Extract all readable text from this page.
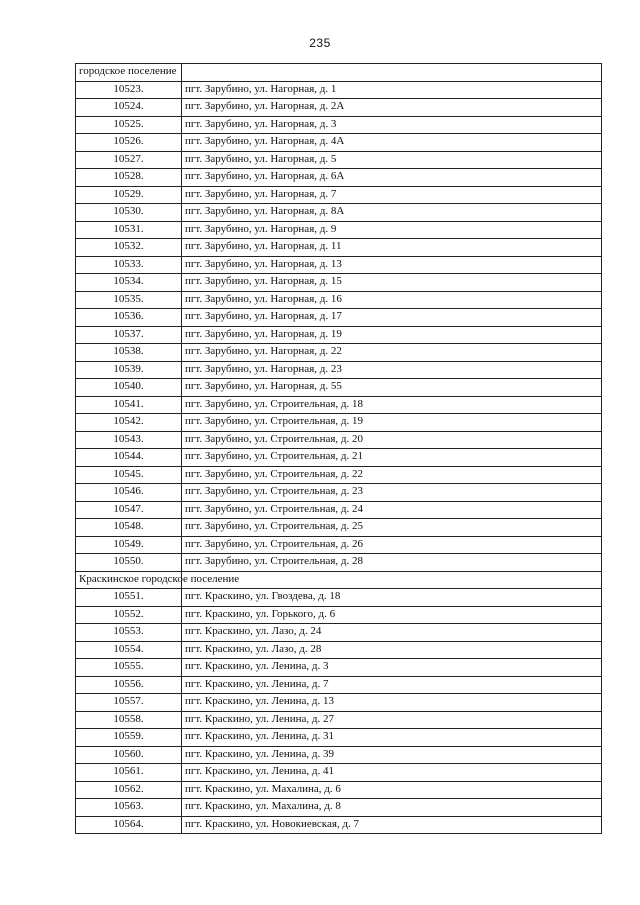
235
городское поселение	
10523.	пгт. Зарубино, ул. Нагорная, д. 1
10524.	пгт. Зарубино, ул. Нагорная, д. 2А
10525.	пгт. Зарубино, ул. Нагорная, д. 3
10526.	пгт. Зарубино, ул. Нагорная, д. 4А
10527.	пгт. Зарубино, ул. Нагорная, д. 5
10528.	пгт. Зарубино, ул. Нагорная, д. 6А
10529.	пгт. Зарубино, ул. Нагорная, д. 7
10530.	пгт. Зарубино, ул. Нагорная, д. 8А
10531.	пгт. Зарубино, ул. Нагорная, д. 9
10532.	пгт. Зарубино, ул. Нагорная, д. 11
10533.	пгт. Зарубино, ул. Нагорная, д. 13
10534.	пгт. Зарубино, ул. Нагорная, д. 15
10535.	пгт. Зарубино, ул. Нагорная, д. 16
10536.	пгт. Зарубино, ул. Нагорная, д. 17
10537.	пгт. Зарубино, ул. Нагорная, д. 19
10538.	пгт. Зарубино, ул. Нагорная, д. 22
10539.	пгт. Зарубино, ул. Нагорная, д. 23
10540.	пгт. Зарубино, ул. Нагорная, д. 55
10541.	пгт. Зарубино, ул. Строительная, д. 18
10542.	пгт. Зарубино, ул. Строительная, д. 19
10543.	пгт. Зарубино, ул. Строительная, д. 20
10544.	пгт. Зарубино, ул. Строительная, д. 21
10545.	пгт. Зарубино, ул. Строительная, д. 22
10546.	пгт. Зарубино, ул. Строительная, д. 23
10547.	пгт. Зарубино, ул. Строительная, д. 24
10548.	пгт. Зарубино, ул. Строительная, д. 25
10549.	пгт. Зарубино, ул. Строительная, д. 26
10550.	пгт. Зарубино, ул. Строительная, д. 28
Краскинское городское поселение	
10551.	пгт. Краскино, ул. Гвоздева, д. 18
10552.	пгт. Краскино, ул. Горького, д. 6
10553.	пгт. Краскино, ул. Лазо, д. 24
10554.	пгт. Краскино, ул. Лазо, д. 28
10555.	пгт. Краскино, ул. Ленина, д. 3
10556.	пгт. Краскино, ул. Ленина, д. 7
10557.	пгт. Краскино, ул. Ленина, д. 13
10558.	пгт. Краскино, ул. Ленина, д. 27
10559.	пгт. Краскино, ул. Ленина, д. 31
10560.	пгт. Краскино, ул. Ленина, д. 39
10561.	пгт. Краскино, ул. Ленина, д. 41
10562.	пгт. Краскино, ул. Махалина, д. 6
10563.	пгт. Краскино, ул. Махалина, д. 8
10564.	пгт. Краскино, ул. Новокиевская, д. 7
